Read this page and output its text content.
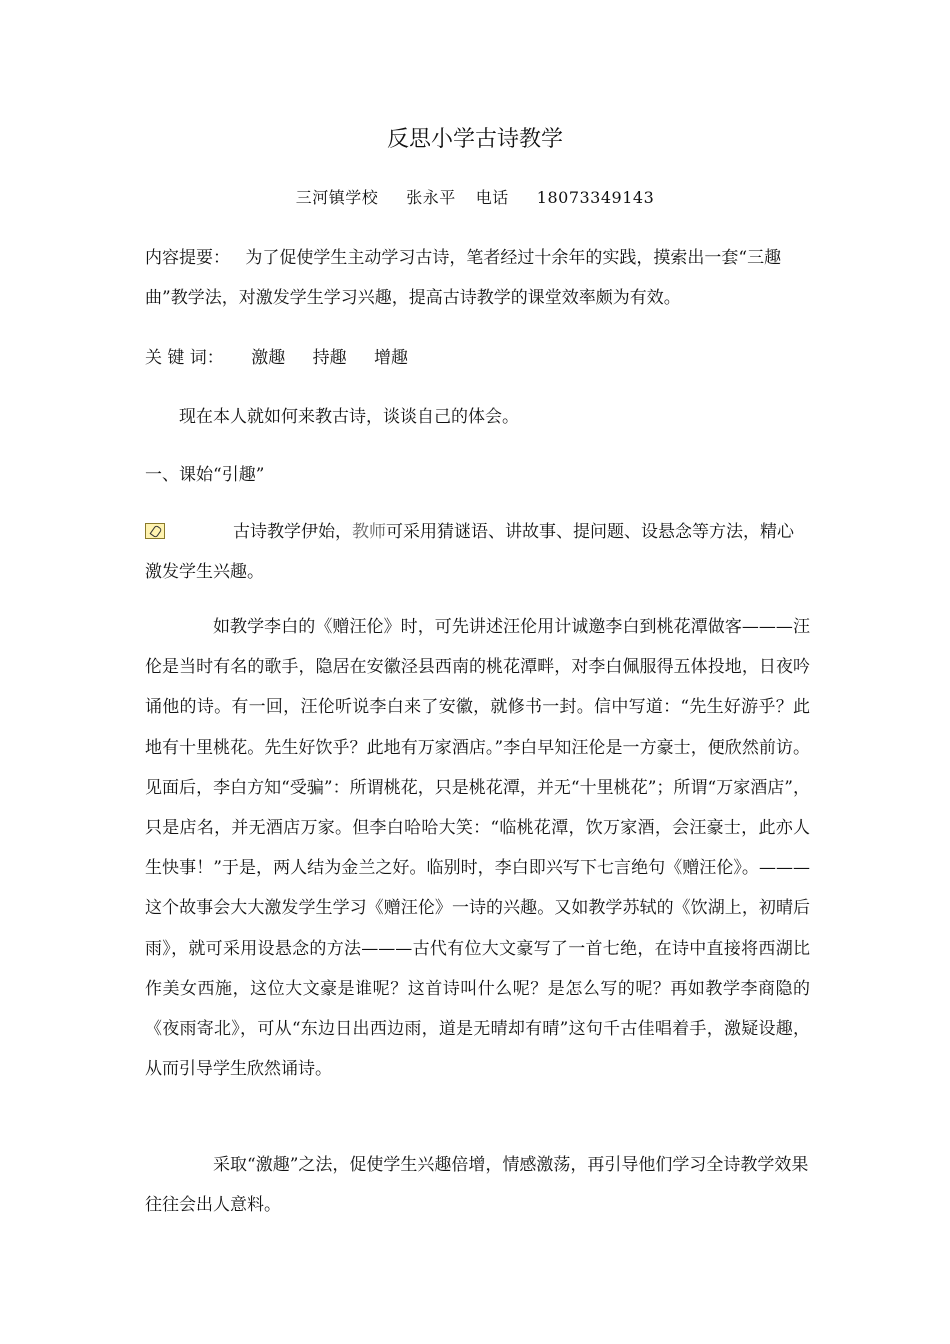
反思小学古诗教学
三河镇学校 张永平 电话 18073349143
内容提要： 为了促使学生主动学习古诗，笔者经过十余年的实践，摸索出一套“三趣曲”教学法，对激发学生学习兴趣，提高古诗教学的课堂效率颇为有效。
关 键 词： 激趣 持趣 增趣
现在本人就如何来教古诗，谈谈自己的体会。
一、课始“引趣”
古诗教学伊始，教师可采用猜谜语、讲故事、提问题、设悬念等方法，精心激发学生兴趣。
如教学李白的《赠汪伦》时，可先讲述汪伦用计诚邀李白到桃花潭做客———汪伦是当时有名的歌手，隐居在安徽泾县西南的桃花潭畔，对李白佩服得五体投地，日夜吟诵他的诗。有一回，汪伦听说李白来了安徽，就修书一封。信中写道：“先生好游乎？此地有十里桃花。先生好饮乎？此地有万家酒店。”李白早知汪伦是一方豪士，便欣然前访。见面后，李白方知“受骗”：所谓桃花，只是桃花潭，并无“十里桃花”；所谓“万家酒店”，只是店名，并无酒店万家。但李白哈哈大笑：“临桃花潭，饮万家酒，会汪豪士，此亦人生快事！”于是，两人结为金兰之好。临别时，李白即兴写下七言绝句《赠汪伦》。———这个故事会大大激发学生学习《赠汪伦》一诗的兴趣。又如教学苏轼的《饮湖上，初晴后雨》，就可采用设悬念的方法———古代有位大文豪写了一首七绝，在诗中直接将西湖比作美女西施，这位大文豪是谁呢？这首诗叫什么呢？是怎么写的呢？再如教学李商隐的《夜雨寄北》，可从“东边日出西边雨，道是无晴却有晴”这句千古佳唱着手，激疑设趣，从而引导学生欣然诵诗。
采取“激趣”之法，促使学生兴趣倍增，情感激荡，再引导他们学习全诗教学效果往往会出人意料。
